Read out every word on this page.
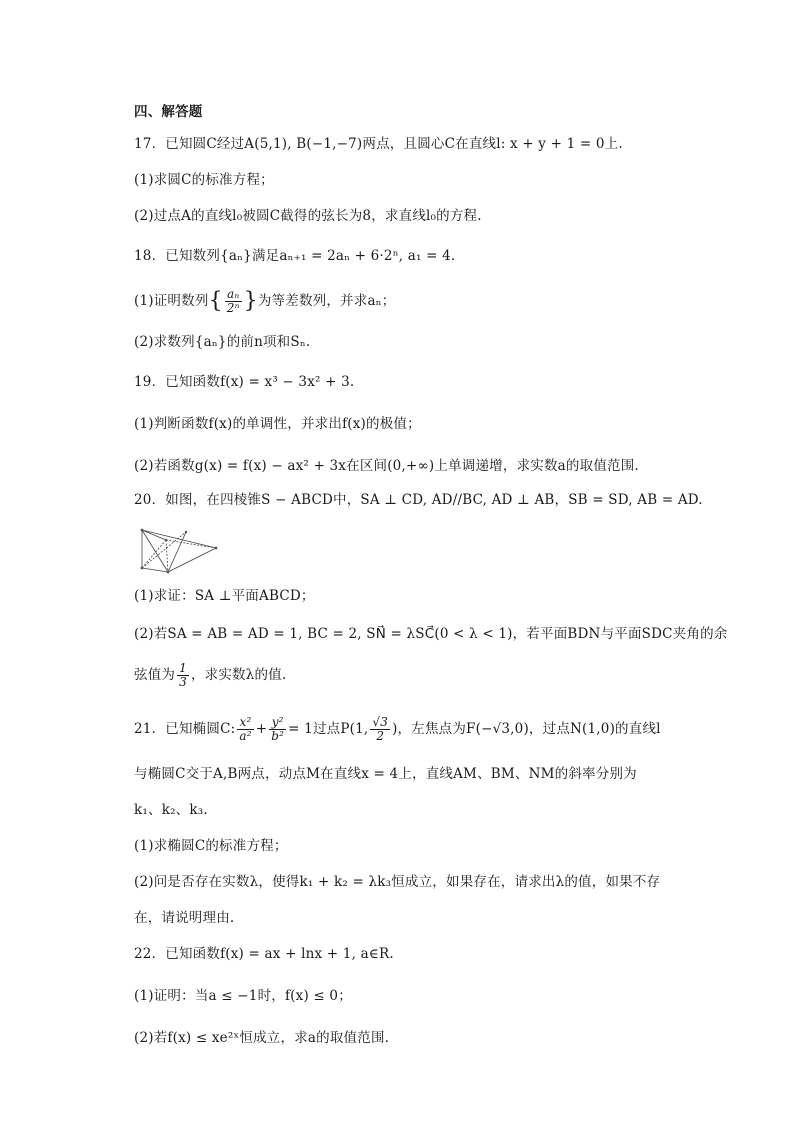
四、解答题
17．已知圆C经过A(5,1), B(−1,−7)两点，且圆心C在直线l: x + y + 1 = 0上.
(1)求圆C的标准方程；
(2)过点A的直线l₀被圆C截得的弦长为8，求直线l₀的方程.
18．已知数列{aₙ}满足aₙ₊₁ = 2aₙ + 6·2ⁿ, a₁ = 4.
(1)证明数列{ $\frac{\text{aₙ}}{\text{2ⁿ}}$ }为等差数列，并求aₙ；
(2)求数列{aₙ}的前n项和Sₙ.
19．已知函数f(x) = x³ − 3x² + 3.
(1)判断函数f(x)的单调性，并求出f(x)的极值；
(2)若函数g(x) = f(x) − ax² + 3x在区间(0,+∞)上单调递增，求实数a的取值范围.
20．如图，在四棱锥S − ABCD中，SA ⊥ CD, AD//BC, AD ⊥ AB，SB = SD, AB = AD.
(1)求证：SA ⊥平面ABCD；
(2)若SA = AB = AD = 1, BC = 2, SN⃗ = λSC⃗(0 < λ < 1)，若平面BDN与平面SDC夹角的余
弦值为 $\frac{1}{3}$ ，求实数λ的值.
21．已知椭圆C: $\frac{\text{x²}}{\text{a²}} + \frac{\text{y²}}{\text{b²}} = 1$过点P(1, $\frac{√3}{2}$ )，左焦点为F(−√3,0)，过点N(1,0)的直线l
与椭圆C交于A,B两点，动点M在直线x = 4上，直线AM、BM、NM的斜率分别为
k₁、k₂、k₃.
(1)求椭圆C的标准方程；
(2)问是否存在实数λ，使得k₁ + k₂ = λk₃恒成立，如果存在，请求出λ的值，如果不存
在，请说明理由.
22．已知函数f(x) = ax + lnx + 1, a∈R.
(1)证明：当a ≤ −1时，f(x) ≤ 0；
(2)若f(x) ≤ xe²ˣ恒成立，求a的取值范围.
